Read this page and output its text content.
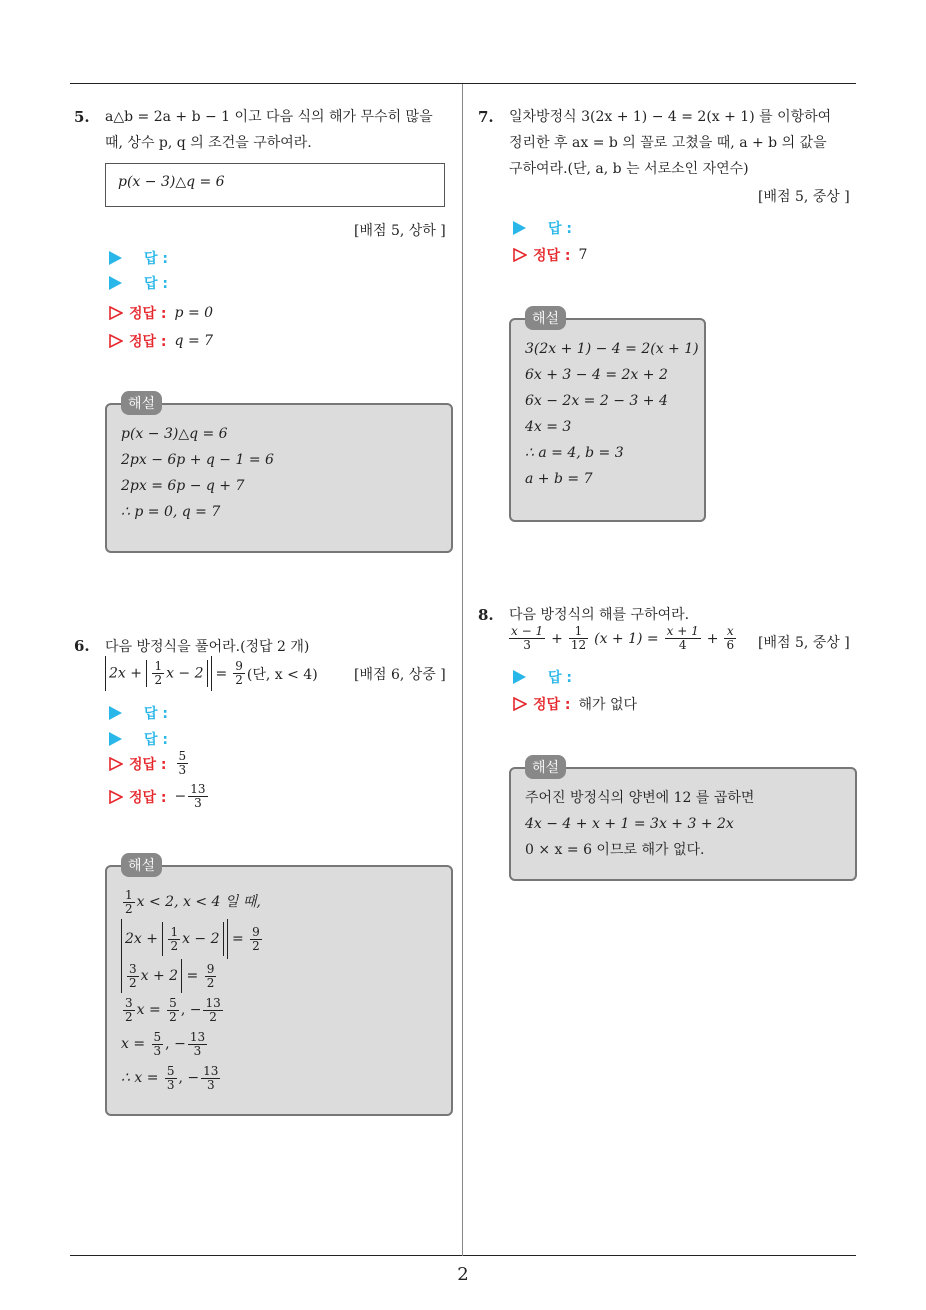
2
5. a△b = 2a + b − 1 이고 다음 식의 해가 무수히 많을
때, 상수 p, q 의 조건을 구하여라.
p(x − 3)△q = 6
[배점 5, 상하 ]
답 :
답 :
정답 : p = 0
정답 : q = 7
해설
p(x − 3)△q = 6
2px − 6p + q − 1 = 6
2px = 6p − q + 7
∴ p = 0, q = 7
6. 다음 방정식을 풀어라.(정답 2 개)
$2x + \frac{1}{2}$ $x - 2 = \frac{9}{2}$ (단, x < 4)	[배점 6, 상중 ]
답 :
답 :
정답 : $\frac{5}{3}$
정답 : − $\frac{13}{3}$
해설
$\frac{1}{2}$ x < 2, x < 4 일 때,
$2x + \frac{1}{2}$ $x - 2 = \frac{9}{2}$
$\frac{3}{2}$ $x + 2 = \frac{9}{2}$
$\frac{3}{2}$ $x = \frac{5}{2}$ , − $\frac{13}{2}$
$x = \frac{5}{3}$ , − $\frac{13}{3}$
∴ $x = \frac{5}{3}$ , − $\frac{13}{3}$
7. 일차방정식 3(2x + 1) − 4 = 2(x + 1) 를 이항하여
정리한 후 ax = b 의 꼴로 고쳤을 때, a + b 의 값을
구하여라.(단, a, b 는 서로소인 자연수)
[배점 5, 중상 ]
답 :
정답 : 7
해설
3(2x + 1) − 4 = 2(x + 1)
6x + 3 − 4 = 2x + 2
6x − 2x = 2 − 3 + 4
4x = 3
∴ a = 4, b = 3
a + b = 7
8. 다음 방정식의 해를 구하여라.
$\frac{x - 1}{3} + \frac{1}{12} (x + 1) = \frac{x + 1}{4} + \frac{x}{6}$ [배점 5, 중상 ]
답 :
정답 : 해가 없다
해설
주어진 방정식의 양변에 12 를 곱하면
4x − 4 + x + 1 = 3x + 3 + 2x
0 × x = 6 이므로 해가 없다.
